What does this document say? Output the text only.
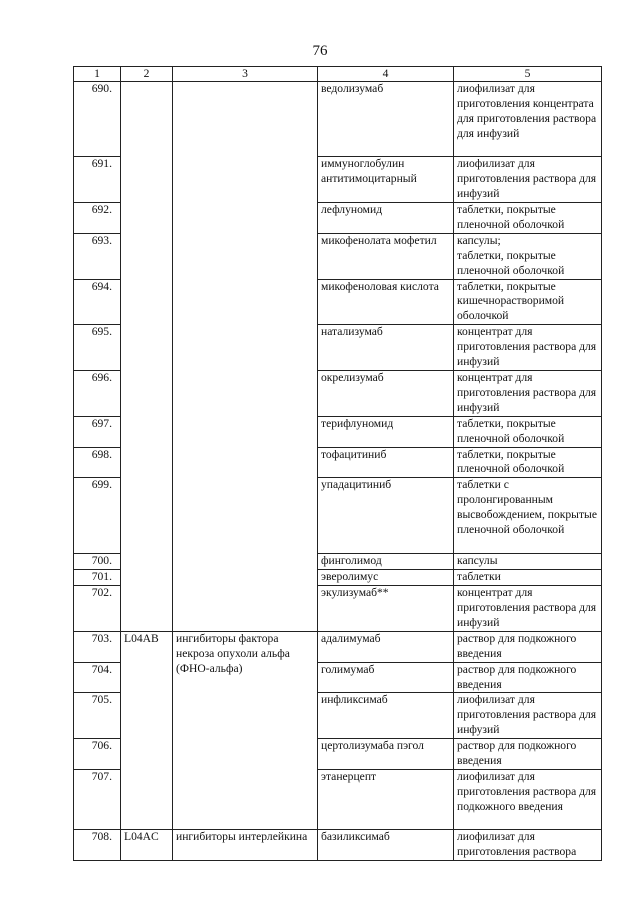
76
1	2	3	4	5
690.			ведолизумаб	лиофилизат для приготовления концентрата для приготовления раствора для инфузий
691.			иммуноглобулин антитимоцитарный	лиофилизат для приготовления раствора для инфузий
692.			лефлуномид	таблетки, покрытые пленочной оболочкой
693.			микофенолата мофетил	капсулы;
таблетки, покрытые пленочной оболочкой
694.			микофеноловая кислота	таблетки, покрытые кишечнорастворимой оболочкой
695.			натализумаб	концентрат для приготовления раствора для инфузий
696.			окрелизумаб	концентрат для приготовления раствора для инфузий
697.			терифлуномид	таблетки, покрытые пленочной оболочкой
698.			тофацитиниб	таблетки, покрытые пленочной оболочкой
699.			упадацитиниб	таблетки с пролонгированным высвобождением, покрытые пленочной оболочкой
700.			финголимод	капсулы
701.			эверолимус	таблетки
702.			экулизумаб**	концентрат для приготовления раствора для инфузий
703.	L04AB	ингибиторы фактора некроза опухоли альфа (ФНО-альфа)	адалимумаб	раствор для подкожного введения
704.			голимумаб	раствор для подкожного введения
705.			инфликсимаб	лиофилизат для приготовления раствора для инфузий
706.			цертолизумаба пэгол	раствор для подкожного введения
707.			этанерцепт	лиофилизат для приготовления раствора для подкожного введения
708.	L04AC	ингибиторы интерлейкина	базиликсимаб	лиофилизат для приготовления раствора
